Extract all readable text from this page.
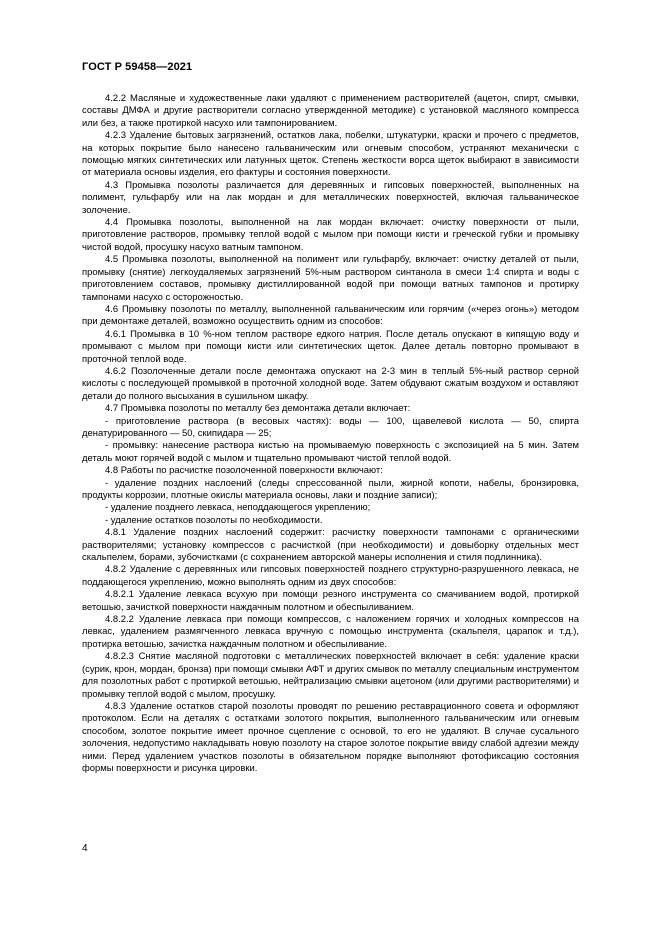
ГОСТ Р 59458—2021

4.2.2 Масляные и художественные лаки удаляют с применением растворителей (ацетон, спирт, смывки, составы ДМФА и другие растворители согласно утвержденной методике) с установкой масляного компресса или без, а также протиркой насухо или тампонированием.

4.2.3 Удаление бытовых загрязнений, остатков лака, побелки, штукатурки, краски и прочего с предметов, на которых покрытие было нанесено гальваническим или огневым способом, устраняют механически с помощью мягких синтетических или латунных щеток. Степень жесткости ворса щеток выбирают в зависимости от материала основы изделия, его фактуры и состояния поверхности.

4.3 Промывка позолоты различается для деревянных и гипсовых поверхностей, выполненных на полимент, гульфарбу или на лак мордан и для металлических поверхностей, включая гальваническое золочение.

4.4 Промывка позолоты, выполненной на лак мордан включает: очистку поверхности от пыли, приготовление растворов, промывку теплой водой с мылом при помощи кисти и греческой губки и промывку чистой водой, просушку насухо ватным тампоном.

4.5 Промывка позолоты, выполненной на полимент или гульфарбу, включает: очистку деталей от пыли, промывку (снятие) легкоудаляемых загрязнений 5%-ным раствором синтанола в смеси 1:4 спирта и воды с приготовлением составов, промывку дистиллированной водой при помощи ватных тампонов и протирку тампонами насухо с осторожностью.

4.6 Промывку позолоты по металлу, выполненной гальваническим или горячим («через огонь») методом при демонтаже деталей, возможно осуществить одним из способов:

4.6.1 Промывка в 10 %-ном теплом растворе едкого натрия. После деталь опускают в кипящую воду и промывают с мылом при помощи кисти или синтетических щеток. Далее деталь повторно промывают в проточной теплой воде.

4.6.2 Позолоченные детали после демонтажа опускают на 2-3 мин в теплый 5%-ный раствор серной кислоты с последующей промывкой в проточной холодной воде. Затем обдувают сжатым воздухом и оставляют детали до полного высыхания в сушильном шкафу.

4.7 Промывка позолоты по металлу без демонтажа детали включает:

- приготовление раствора (в весовых частях): воды — 100, щавелевой кислота — 50, спирта денатурированного — 50, скипидара — 25;

- промывку: нанесение раствора кистью на промываемую поверхность с экспозицией на 5 мин. Затем деталь моют горячей водой с мылом и тщательно промывают чистой теплой водой.

4.8 Работы по расчистке позолоченной поверхности включают:

- удаление поздних наслоений (следы спрессованной пыли, жирной копоти, набелы, бронзировка, продукты коррозии, плотные окислы материала основы, лаки и поздние записи);

- удаление позднего левкаса, неподдающегося укреплению;

- удаление остатков позолоты по необходимости.

4.8.1 Удаление поздних наслоений содержит: расчистку поверхности тампонами с органическими растворителями; установку компрессов с расчисткой (при необходимости) и довыборку отдельных мест скальпелем, борами, зубочистками (с сохранением авторской манеры исполнения и стиля подлинника).

4.8.2 Удаление с деревянных или гипсовых поверхностей позднего структурно-разрушенного левкаса, не поддающегося укреплению, можно выполнять одним из двух способов:

4.8.2.1 Удаление левкаса всухую при помощи резного инструмента со смачиванием водой, протиркой ветошью, зачисткой поверхности наждачным полотном и обеспыливанием.

4.8.2.2 Удаление левкаса при помощи компрессов, с наложением горячих и холодных компрессов на левкас, удалением размягченного левкаса вручную с помощью инструмента (скальпеля, царапок и т.д.), протирка ветошью, зачистка наждачным полотном и обеспыливание.

4.8.2.3 Снятие масляной подготовки с металлических поверхностей включает в себя: удаление краски (сурик, крон, мордан, бронза) при помощи смывки АФТ и других смывок по металлу специальным инструментом для позолотных работ с протиркой ветошью, нейтрализацию смывки ацетоном (или другими растворителями) и промывку теплой водой с мылом, просушку.

4.8.3 Удаление остатков старой позолоты проводят по решению реставрационного совета и оформляют протоколом. Если на деталях с остатками золотого покрытия, выполненного гальваническим или огневым способом, золотое покрытие имеет прочное сцепление с основой, то его не удаляют. В случае сусального золочения, недопустимо накладывать новую позолоту на старое золотое покрытие ввиду слабой адгезии между ними. Перед удалением участков позолоты в обязательном порядке выполняют фотофиксацию состояния формы поверхности и рисунка цировки.

4
